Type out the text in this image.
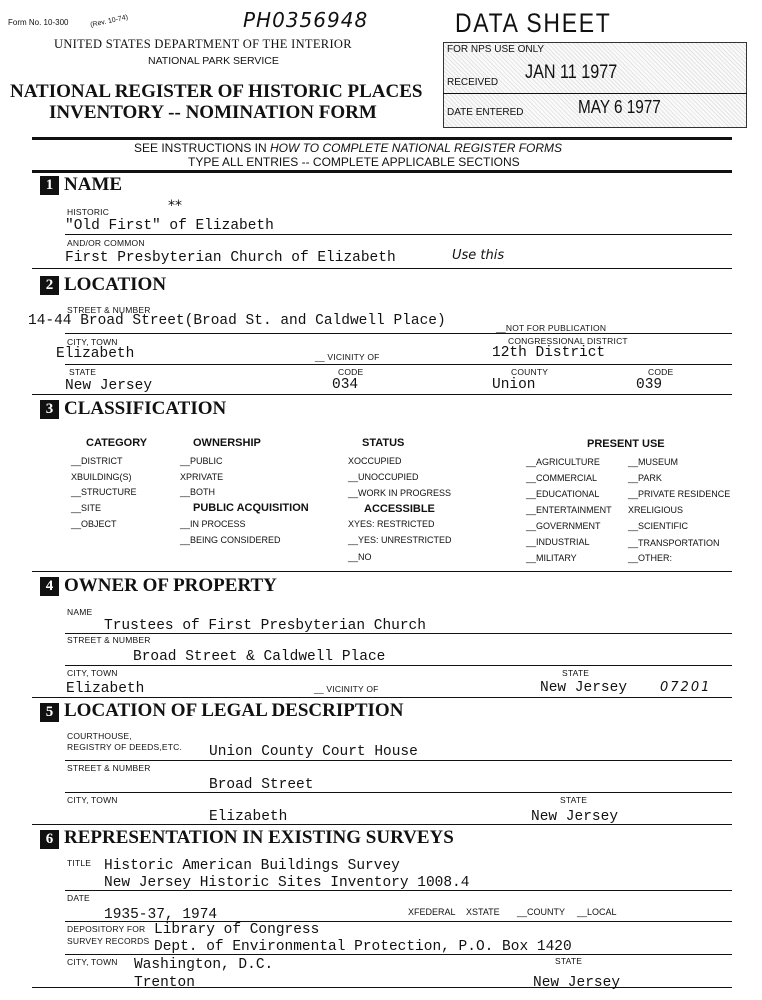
Form No. 10-300	(Rev. 10-74)	PH0356948
UNITED STATES DEPARTMENT OF THE INTERIOR
NATIONAL PARK SERVICE
NATIONAL REGISTER OF HISTORIC PLACES
INVENTORY -- NOMINATION FORM
DATA SHEET
FOR NPS USE ONLY
RECEIVED JAN 11 1977
DATE ENTERED	MAY 6 1977
SEE INSTRUCTIONS IN HOW TO COMPLETE NATIONAL REGISTER FORMS
TYPE ALL ENTRIES -- COMPLETE APPLICABLE SECTIONS
1 NAME
HISTORIC	**
"Old First" of Elizabeth
AND/OR COMMON
First Presbyterian Church of Elizabeth	Use this
2 LOCATION
STREET & NUMBER
14-44 Broad Street(Broad St. and Caldwell Place)	__NOT FOR PUBLICATION
CITY, TOWN	CONGRESSIONAL DISTRICT
Elizabeth	__ VICINITY OF	12th District
STATE	CODE	COUNTY	CODE
New Jersey	034	Union	039
3 CLASSIFICATION
CATEGORY
__DISTRICT
XBUILDING(S)
__STRUCTURE
__SITE
__OBJECT
OWNERSHIP
__PUBLIC
XPRIVATE
__BOTH
PUBLIC ACQUISITION
__IN PROCESS
__BEING CONSIDERED
STATUS
XOCCUPIED
__UNOCCUPIED
__WORK IN PROGRESS
ACCESSIBLE
XYES: RESTRICTED
__YES: UNRESTRICTED
__NO
PRESENT USE
__AGRICULTURE
__COMMERCIAL
__EDUCATIONAL
__ENTERTAINMENT
__GOVERNMENT
__INDUSTRIAL
__MILITARY
__MUSEUM
__PARK
__PRIVATE RESIDENCE
XRELIGIOUS
__SCIENTIFIC
__TRANSPORTATION
__OTHER:
4 OWNER OF PROPERTY
NAME
Trustees of First Presbyterian Church
STREET & NUMBER
Broad Street & Caldwell Place
CITY, TOWN	STATE
Elizabeth	__ VICINITY OF	New Jersey	07201
5 LOCATION OF LEGAL DESCRIPTION
COURTHOUSE,
REGISTRY OF DEEDS,ETC. Union County Court House
STREET & NUMBER
Broad Street
CITY, TOWN	STATE
Elizabeth	New Jersey
6 REPRESENTATION IN EXISTING SURVEYS
TITLE Historic American Buildings Survey
New Jersey Historic Sites Inventory 1008.4
DATE
1935-37, 1974	XFEDERAL XSTATE __COUNTY __LOCAL
DEPOSITORY FOR
SURVEY RECORDS
Library of Congress
Dept. of Environmental Protection, P.O. Box 1420
CITY, TOWN	STATE
Washington, D.C.
Trenton	New Jersey
